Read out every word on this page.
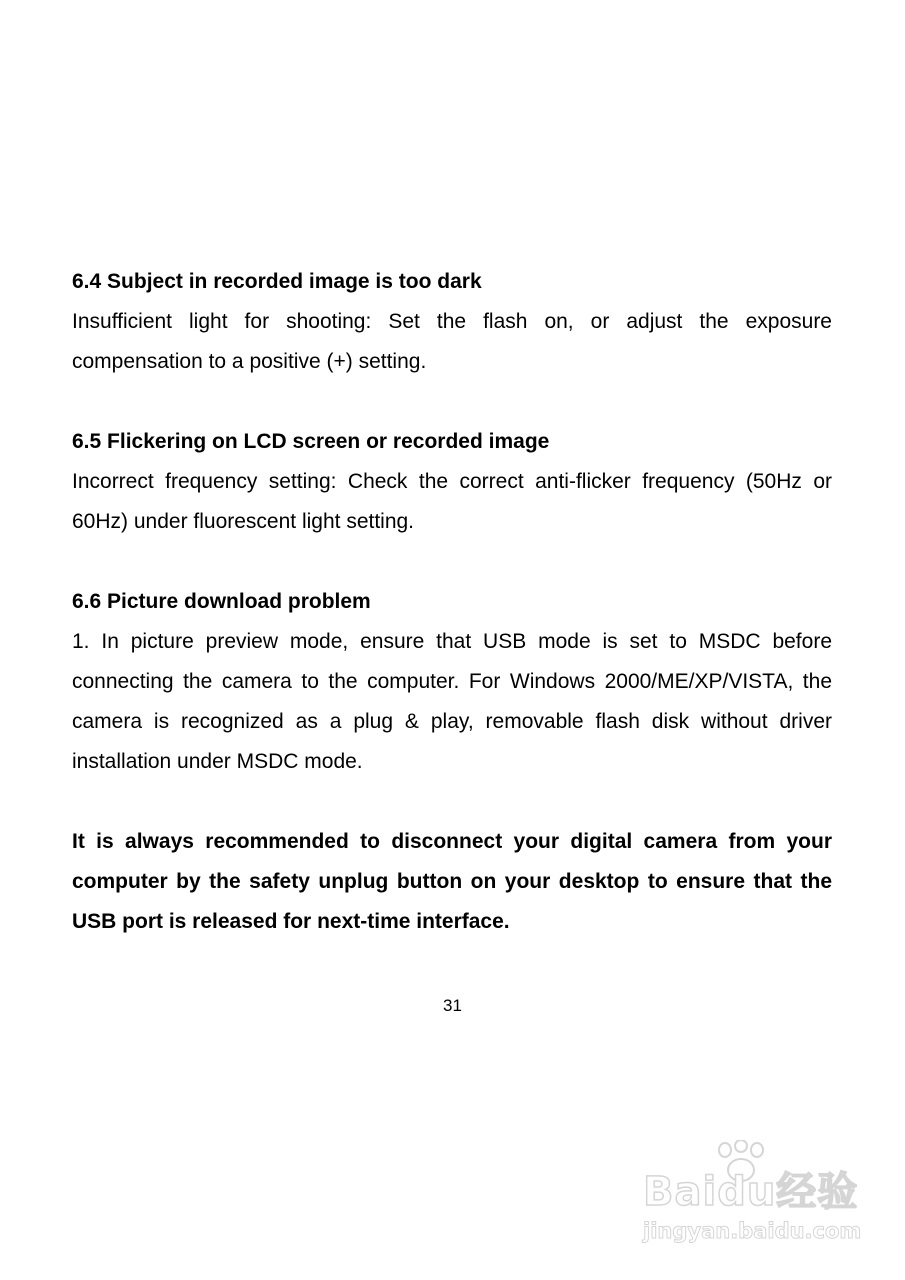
6.4 Subject in recorded image is too dark

Insufficient light for shooting: Set the flash on, or adjust the exposure compensation to a positive (+) setting.

6.5 Flickering on LCD screen or recorded image

Incorrect frequency setting: Check the correct anti-flicker frequency (50Hz or 60Hz) under fluorescent light setting.

6.6 Picture download problem

1. In picture preview mode, ensure that USB mode is set to MSDC before connecting the camera to the computer. For Windows 2000/ME/XP/VISTA, the camera is recognized as a plug & play, removable flash disk without driver installation under MSDC mode.

It is always recommended to disconnect your digital camera from your computer by the safety unplug button on your desktop to ensure that the USB port is released for next-time interface.

31
Baidu经验
jingyan.baidu.com
